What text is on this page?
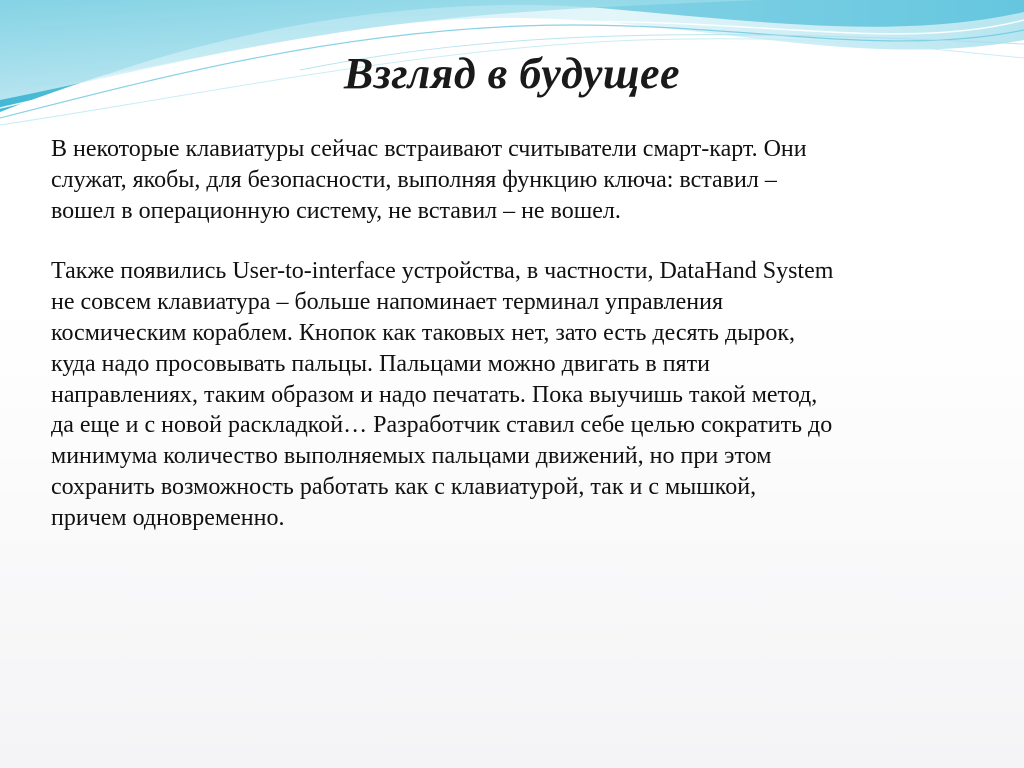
Взгляд в будущее

В некоторые клавиатуры сейчас встраивают считыватели смарт-карт. Они
служат, якобы, для безопасности, выполняя функцию ключа: вставил –
вошел в операционную систему, не вставил – не вошел.

Также появились User-to-interface устройства, в частности, DataHand System
не совсем клавиатура – больше напоминает терминал управления
космическим кораблем. Кнопок как таковых нет, зато есть десять дырок,
куда надо просовывать пальцы. Пальцами можно двигать в пяти
направлениях, таким образом и надо печатать. Пока выучишь такой метод,
да еще и с новой раскладкой… Разработчик ставил себе целью сократить до
минимума количество выполняемых пальцами движений, но при этом
сохранить возможность работать как с клавиатурой, так и с мышкой,
причем одновременно.
